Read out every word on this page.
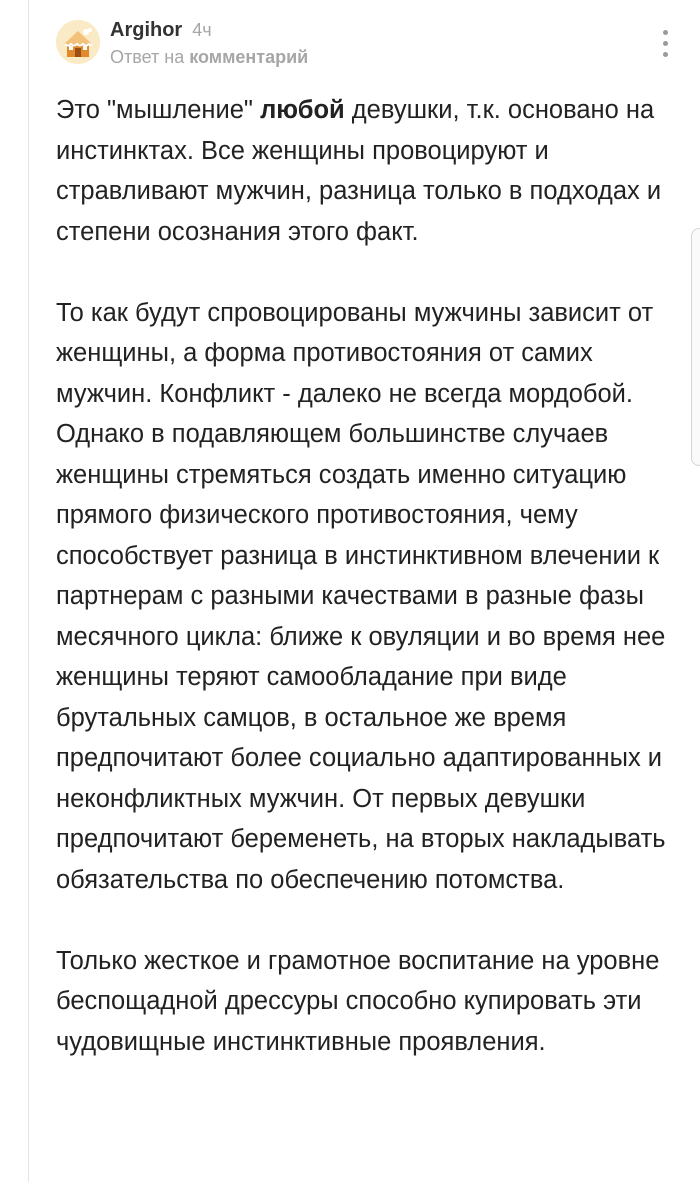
Argihor 4ч
Ответ на комментарий

Это "мышление" любой девушки, т.к. основано на инстинктах. Все женщины провоцируют и стравливают мужчин, разница только в подходах и степени осознания этого факт.

То как будут спровоцированы мужчины зависит от женщины, а форма противостояния от самих мужчин. Конфликт - далеко не всегда мордобой. Однако в подавляющем большинстве случаев женщины стремяться создать именно ситуацию прямого физического противостояния, чему способствует разница в инстинктивном влечении к партнерам с разными качествами в разные фазы месячного цикла: ближе к овуляции и во время нее женщины теряют самообладание при виде брутальных самцов, в остальное же время предпочитают более социально адаптированных и неконфликтных мужчин. От первых девушки предпочитают беременеть, на вторых накладывать обязательства по обеспечению потомства.

Только жесткое и грамотное воспитание на уровне беспощадной дрессуры способно купировать эти чудовищные инстинктивные проявления.
